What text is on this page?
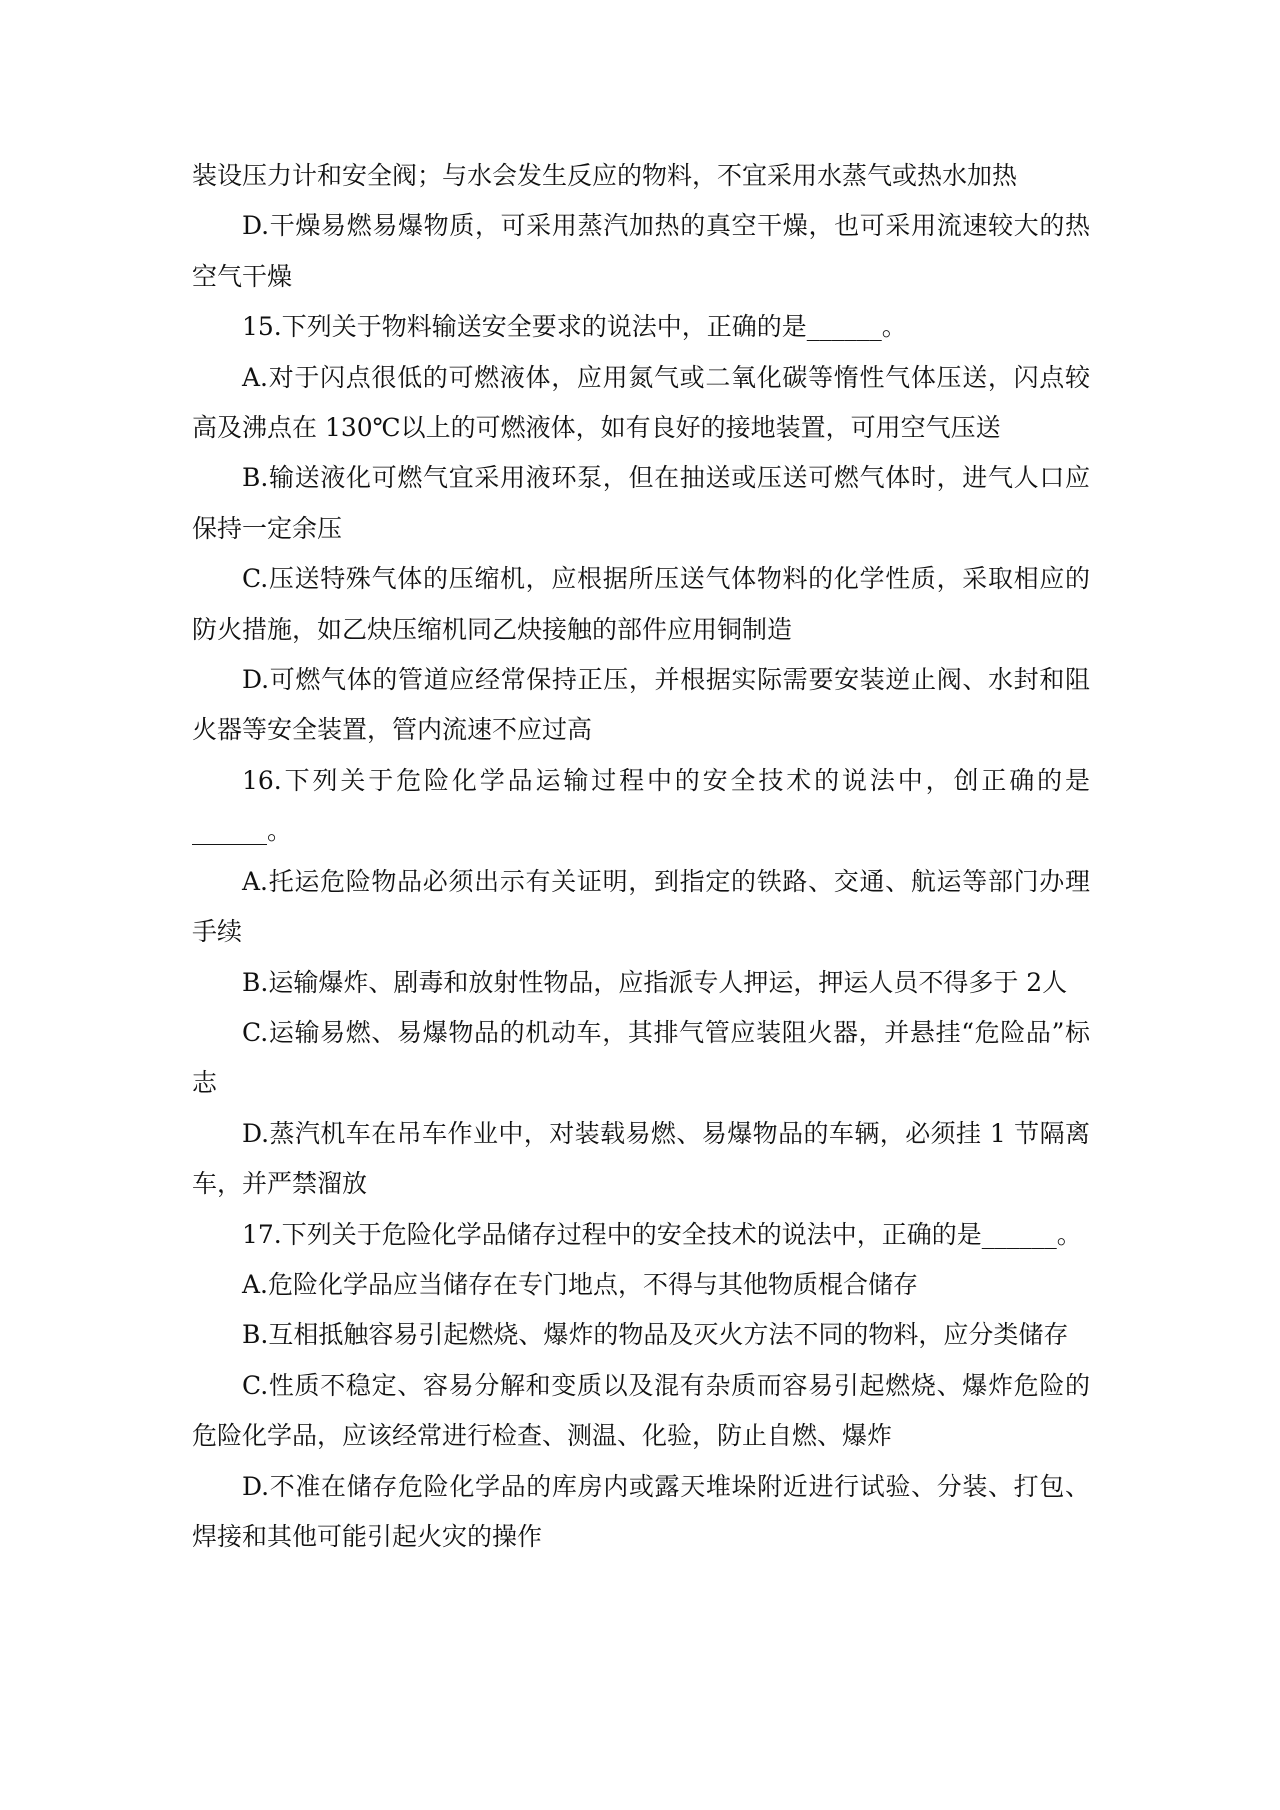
装设压力计和安全阀；与水会发生反应的物料，不宜采用水蒸气或热水加热

D.干燥易燃易爆物质，可采用蒸汽加热的真空干燥，也可采用流速较大的热空气干燥

15.下列关于物料输送安全要求的说法中，正确的是______。

A.对于闪点很低的可燃液体，应用氮气或二氧化碳等惰性气体压送，闪点较高及沸点在 130℃以上的可燃液体，如有良好的接地装置，可用空气压送

B.输送液化可燃气宜采用液环泵，但在抽送或压送可燃气体时，进气人口应保持一定余压

C.压送特殊气体的压缩机，应根据所压送气体物料的化学性质，采取相应的防火措施，如乙炔压缩机同乙炔接触的部件应用铜制造

D.可燃气体的管道应经常保持正压，并根据实际需要安装逆止阀、水封和阻火器等安全装置，管内流速不应过高

16.下列关于危险化学品运输过程中的安全技术的说法中，创正确的是______。

A.托运危险物品必须出示有关证明，到指定的铁路、交通、航运等部门办理手续

B.运输爆炸、剧毒和放射性物品，应指派专人押运，押运人员不得多于 2人

C.运输易燃、易爆物品的机动车，其排气管应装阻火器，并悬挂“危险品”标志

D.蒸汽机车在吊车作业中，对装载易燃、易爆物品的车辆，必须挂 1 节隔离车，并严禁溜放

17.下列关于危险化学品储存过程中的安全技术的说法中，正确的是______。

A.危险化学品应当储存在专门地点，不得与其他物质棍合储存

B.互相抵触容易引起燃烧、爆炸的物品及灭火方法不同的物料，应分类储存

C.性质不稳定、容易分解和变质以及混有杂质而容易引起燃烧、爆炸危险的危险化学品，应该经常进行检查、测温、化验，防止自燃、爆炸

D.不准在储存危险化学品的库房内或露天堆垛附近进行试验、分装、打包、焊接和其他可能引起火灾的操作
